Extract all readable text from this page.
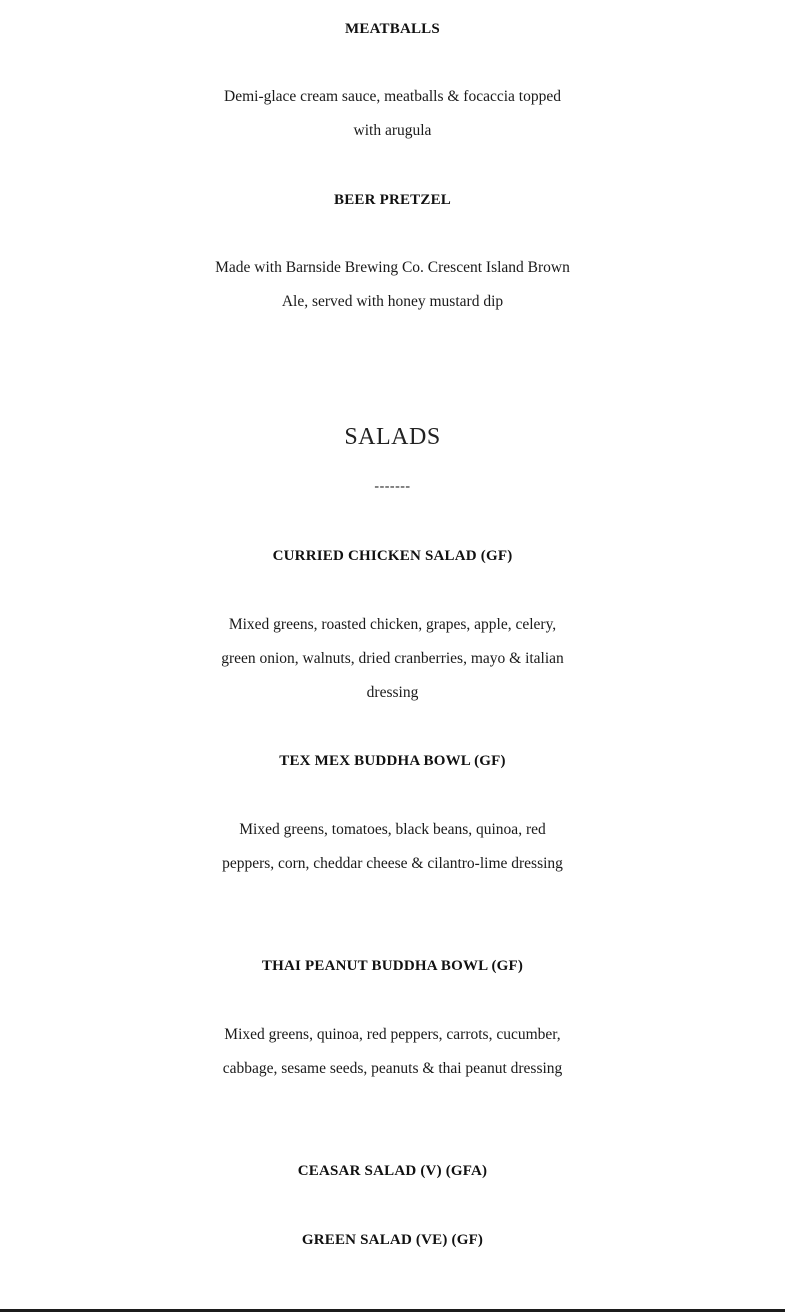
MEATBALLS
Demi-glace cream sauce, meatballs & focaccia topped with arugula
BEER PRETZEL
Made with Barnside Brewing Co. Crescent Island Brown Ale, served with honey mustard dip
SALADS
-------
CURRIED CHICKEN SALAD (GF)
Mixed greens, roasted chicken, grapes, apple, celery, green onion, walnuts, dried cranberries, mayo & italian dressing
TEX MEX BUDDHA BOWL (GF)
Mixed greens, tomatoes, black beans, quinoa, red peppers, corn, cheddar cheese & cilantro-lime dressing
THAI PEANUT BUDDHA BOWL (GF)
Mixed greens, quinoa, red peppers, carrots, cucumber, cabbage, sesame seeds, peanuts & thai peanut dressing
CEASAR SALAD (V) (GFA)
GREEN SALAD (VE) (GF)
